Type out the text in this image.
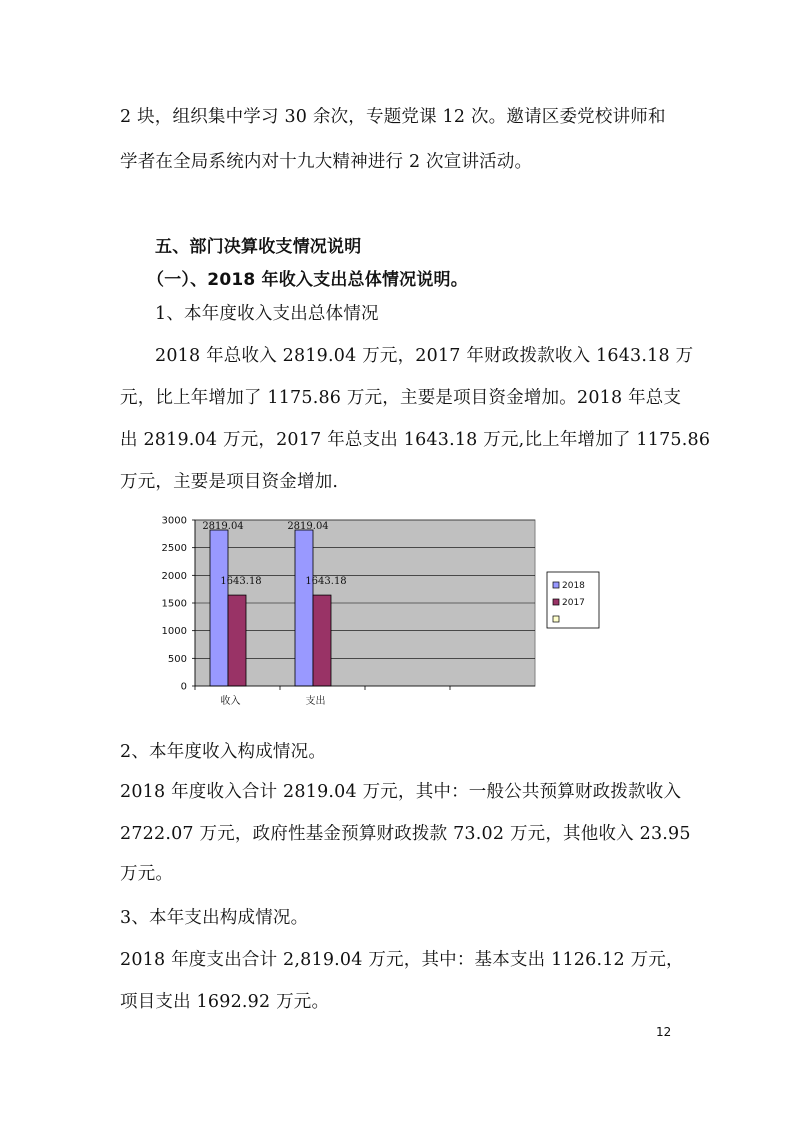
2 块，组织集中学习 30 余次，专题党课 12 次。邀请区委党校讲师和
学者在全局系统内对十九大精神进行 2 次宣讲活动。
五、部门决算收支情况说明
（一）、2018 年收入支出总体情况说明。
1、本年度收入支出总体情况
2018 年总收入 2819.04 万元，2017 年财政拨款收入 1643.18 万
元，比上年增加了 1175.86 万元，主要是项目资金增加。2018 年总支
出 2819.04 万元，2017 年总支出 1643.18 万元,比上年增加了 1175.86
万元，主要是项目资金增加.
0
500
1000
1500
2000
2500
3000
2819.04	2819.04
1643.18	1643.18
收入	支出
2018
2017
2、本年度收入构成情况。
2018 年度收入合计 2819.04 万元，其中：一般公共预算财政拨款收入
2722.07 万元，政府性基金预算财政拨款 73.02 万元，其他收入 23.95
万元。
3、本年支出构成情况。
2018 年度支出合计 2,819.04 万元，其中：基本支出 1126.12 万元，
项目支出 1692.92 万元。
12
